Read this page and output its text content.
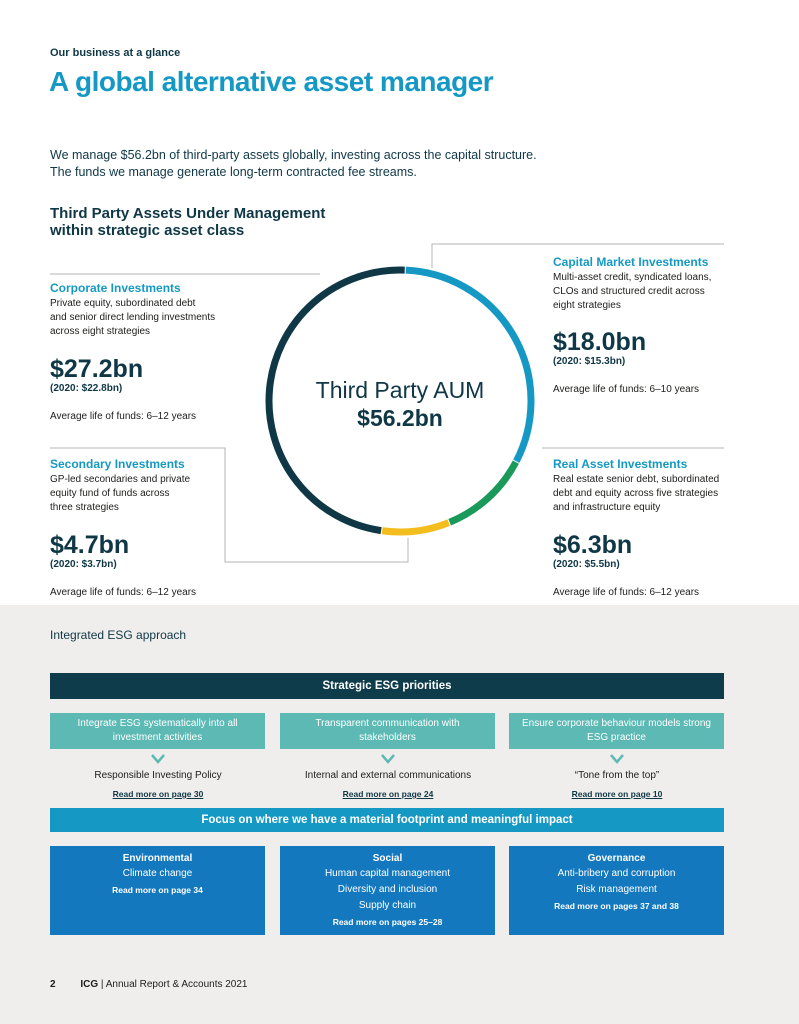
Our business at a glance
A global alternative asset manager
We manage $56.2bn of third-party assets globally, investing across the capital structure.
The funds we manage generate long-term contracted fee streams.
Third Party Assets Under Management
within strategic asset class
Third Party AUM
$56.2bn
Corporate Investments
Private equity, subordinated debt
and senior direct lending investments
across eight strategies
$27.2bn
(2020: $22.8bn)
Average life of funds: 6–12 years
Capital Market Investments
Multi-asset credit, syndicated loans,
CLOs and structured credit across
eight strategies
$18.0bn
(2020: $15.3bn)
Average life of funds: 6–10 years
Secondary Investments
GP-led secondaries and private
equity fund of funds across
three strategies
$4.7bn
(2020: $3.7bn)
Average life of funds: 6–12 years
Real Asset Investments
Real estate senior debt, subordinated
debt and equity across five strategies
and infrastructure equity
$6.3bn
(2020: $5.5bn)
Average life of funds: 6–12 years
Integrated ESG approach
Strategic ESG priorities
Integrate ESG systematically into all investment activities
Transparent communication with stakeholders
Ensure corporate behaviour models strong ESG practice
Responsible Investing Policy	Internal and external communications	“Tone from the top”
Read more on page 30	Read more on page 24	Read more on page 10
Focus on where we have a material footprint and meaningful impact
Environmental
Climate change
Read more on page 34
Social
Human capital management
Diversity and inclusion
Supply chain
Read more on pages 25–28
Governance
Anti-bribery and corruption
Risk management
Read more on pages 37 and 38
2 ICG | Annual Report & Accounts 2021
